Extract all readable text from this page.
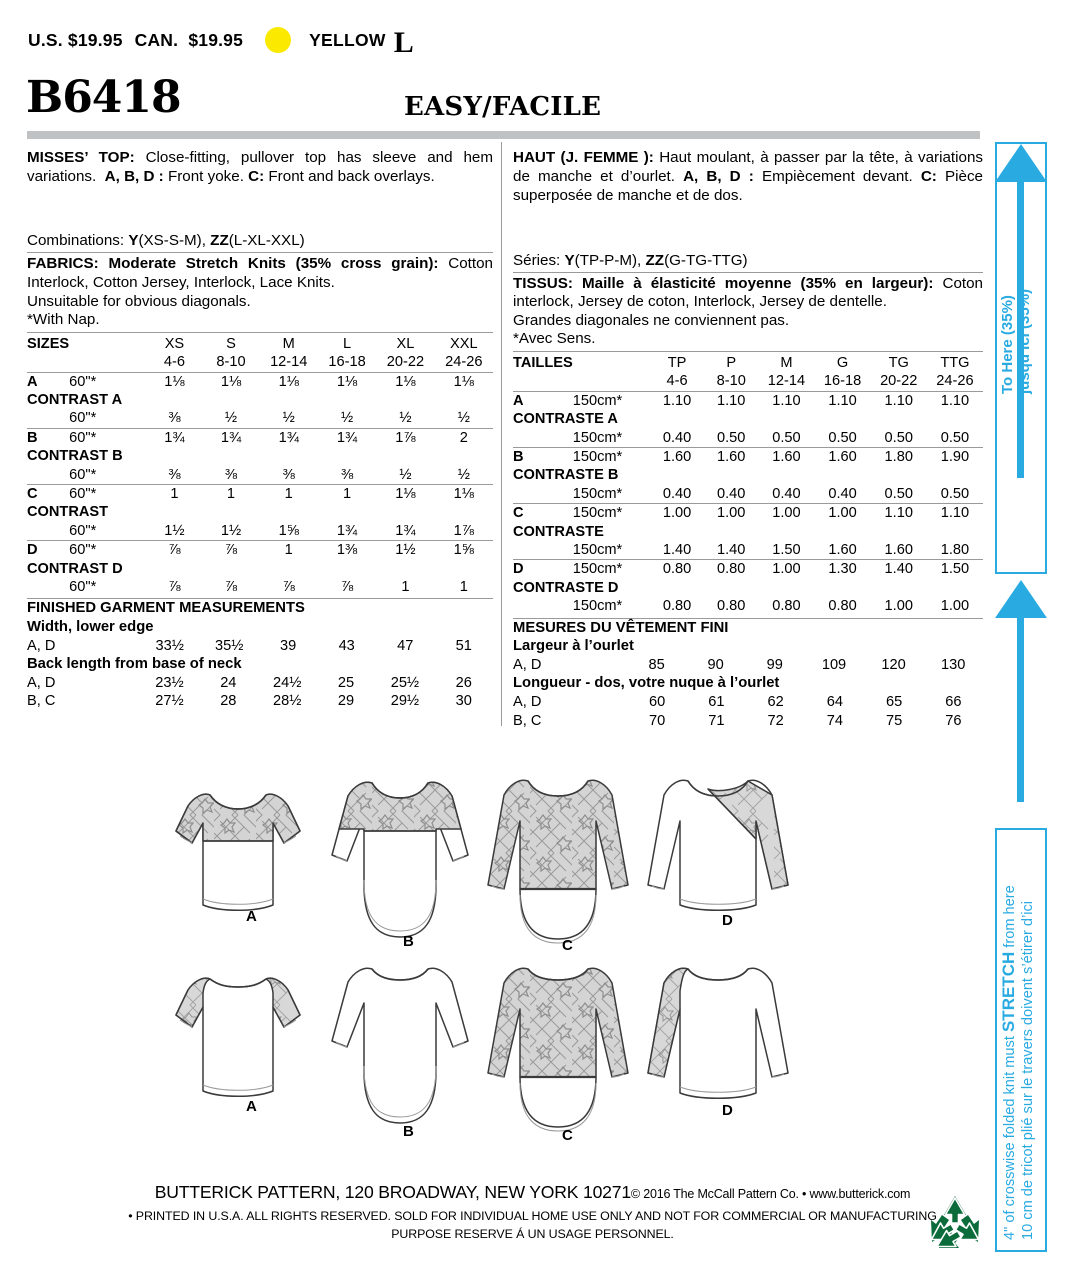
U.S. $19.95 CAN.  $19.95	YELLOW L
B6418	EASY/FACILE

MISSES’ TOP: Close-fitting, pullover top has sleeve and hem variations.  A, B, D : Front yoke. C: Front and back overlays.

Combinations: Y(XS-S-M), ZZ(L-XL-XXL)
FABRICS: Moderate Stretch Knits (35% cross grain): Cotton Interlock, Cotton Jersey, Interlock, Lace Knits.
Unsuitable for obvious diagonals.
*With Nap.
SIZES		XS	S	M	L	XL	XXL
		4-6	8-10	12-14	16-18	20-22	24-26
A	60"*	1⅛	1⅛	1⅛	1⅛	1⅛	1⅛
CONTRAST A							
	60"*	⅜	½	½	½	½	½
B	60"*	1¾	1¾	1¾	1¾	1⅞	2
CONTRAST B							
	60"*	⅜	⅜	⅜	⅜	½	½
C	60"*	1	1	1	1	1⅛	1⅛
CONTRAST							
	60"*	1½	1½	1⅝	1¾	1¾	1⅞
D	60"*	⅞	⅞	1	1⅜	1½	1⅝
CONTRAST D							
	60"*	⅞	⅞	⅞	⅞	1	1
FINISHED GARMENT MEASUREMENTS
Width, lower edge
A, D	33½	35½	39	43	47	51
Back length from base of neck
A, D	23½	24	24½	25	25½	26
B, C	27½	28	28½	29	29½	30

HAUT (J. FEMME ): Haut moulant, à passer par la tête, à variations de manche et d’ourlet. A, B, D : Empiècement devant. C: Pièce superposée de manche et de dos.

Séries: Y(TP-P-M), ZZ(G-TG-TTG)
TISSUS: Maille à élasticité moyenne (35% en largeur): Coton interlock, Jersey de coton, Interlock, Jersey de dentelle.
Grandes diagonales ne conviennent pas.
*Avec Sens.
TAILLES		TP	P	M	G	TG	TTG
		4-6	8-10	12-14	16-18	20-22	24-26
A	150cm*	1.10	1.10	1.10	1.10	1.10	1.10
CONTRASTE A							
	150cm*	0.40	0.50	0.50	0.50	0.50	0.50
B	150cm*	1.60	1.60	1.60	1.60	1.80	1.90
CONTRASTE B							
	150cm*	0.40	0.40	0.40	0.40	0.50	0.50
C	150cm*	1.00	1.00	1.00	1.00	1.10	1.10
CONTRASTE							
	150cm*	1.40	1.40	1.50	1.60	1.60	1.80
D	150cm*	0.80	0.80	1.00	1.30	1.40	1.50
CONTRASTE D							
	150cm*	0.80	0.80	0.80	0.80	1.00	1.00
MESURES DU VÊTEMENT FINI
Largeur à l’ourlet
A, D	85	90	99	109	120	130
Longueur - dos, votre nuque à l’ourlet
A, D	60	61	62	64	65	66
B, C	70	71	72	74	75	76
To Here (35%) jusqu’ici (35%)
4" of crosswise folded knit must STRETCH from here 10 cm de tricot plié sur le travers doivent s’étirer d’ici
A
B	C
D
A
B	C
D
BUTTERICK PATTERN, 120 BROADWAY, NEW YORK 10271© 2016 The McCall Pattern Co. • www.butterick.com
• PRINTED IN U.S.A. ALL RIGHTS RESERVED. SOLD FOR INDIVIDUAL HOME USE ONLY AND NOT FOR COMMERCIAL OR MANUFACTURING
PURPOSE RESERVE Á UN USAGE PERSONNEL.
